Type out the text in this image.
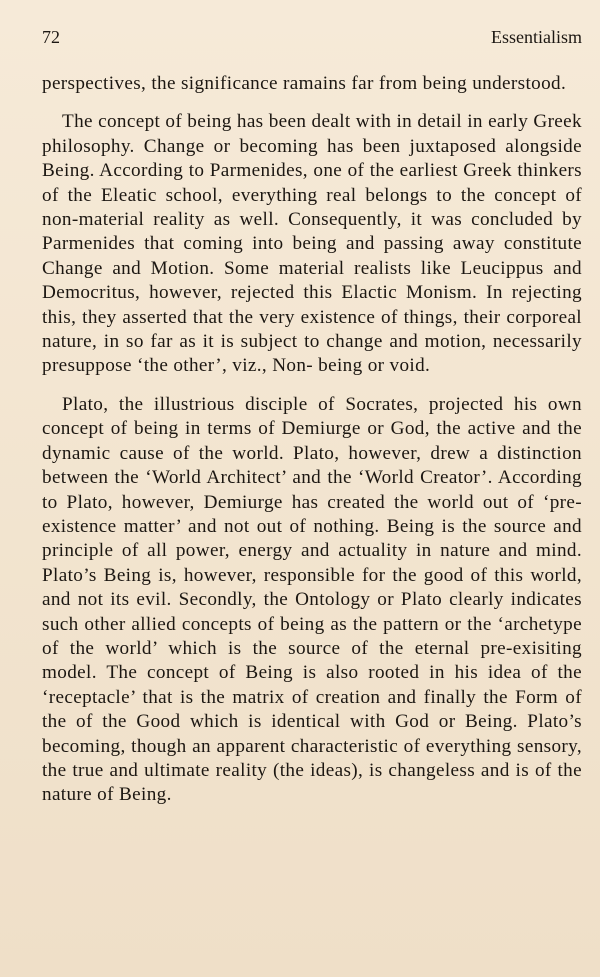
72	Essentialism

perspectives, the significance ramains far from being understood.

The concept of being has been dealt with in detail in early Greek philosophy. Change or becoming has been juxtaposed alongside Being. According to Parmenides, one of the earliest Greek thinkers of the Eleatic school, everything real belongs to the concept of non-material reality as well. Consequently, it was concluded by Parmenides that coming into being and passing away constitute Change and Motion. Some material realists like Leucippus and Democritus, however, rejected this Elactic Monism. In rejecting this, they asserted that the very existence of things, their corporeal nature, in so far as it is subject to change and motion, necessarily presuppose ‘the other’, viz., Non- being or void.

Plato, the illustrious disciple of Socrates, projected his own concept of being in terms of Demiurge or God, the active and the dynamic cause of the world. Plato, however, drew a distinction between the ‘World Architect’ and the ‘World Creator’. According to Plato, however, Demiurge has created the world out of ‘pre-existence matter’ and not out of nothing. Being is the source and principle of all power, energy and actuality in nature and mind. Plato’s Being is, however, responsible for the good of this world, and not its evil. Secondly, the Ontology or Plato clearly indicates such other allied concepts of being as the pattern or the ‘archetype of the world’ which is the source of the eternal pre-exisiting model. The concept of Being is also rooted in his idea of the ‘receptacle’ that is the matrix of creation and finally the Form of the of the Good which is identical with God or Being. Plato’s becoming, though an apparent characteristic of everything sensory, the true and ultimate reality (the ideas), is changeless and is of the nature of Being.
